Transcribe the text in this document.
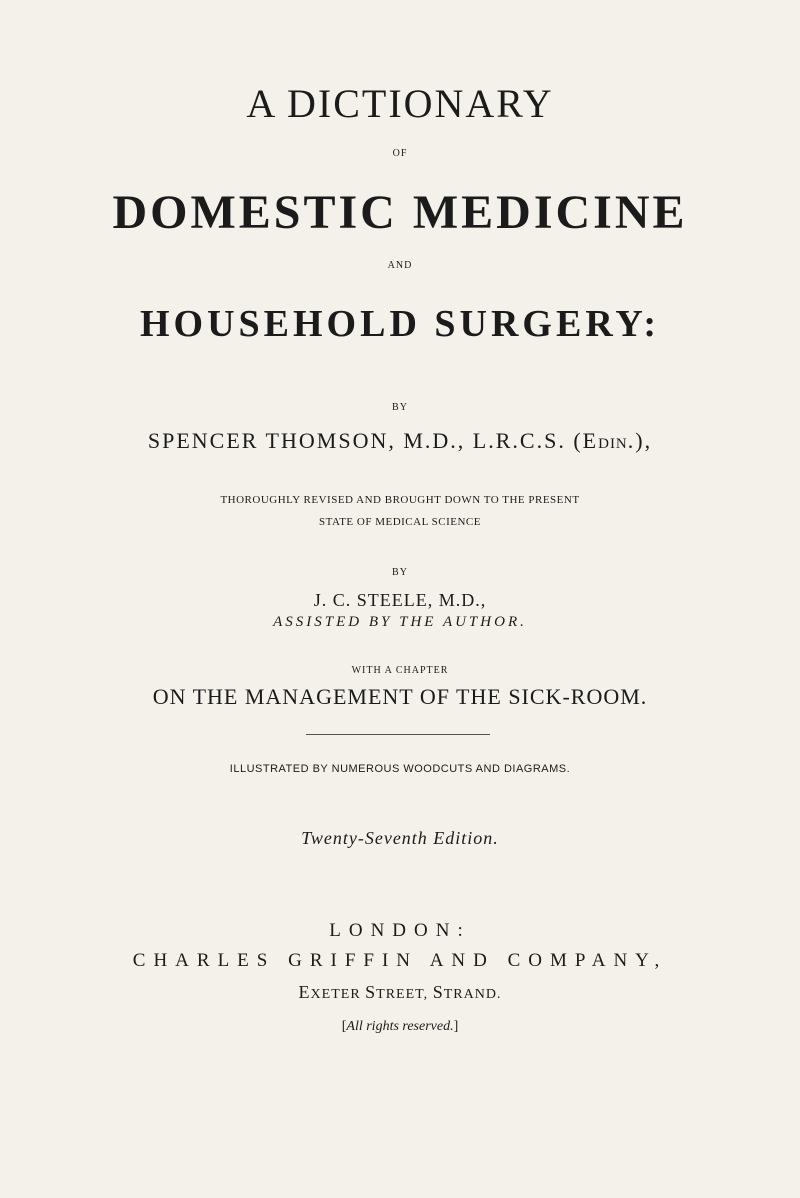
A DICTIONARY
OF
DOMESTIC MEDICINE
AND
HOUSEHOLD SURGERY:
BY
SPENCER THOMSON, M.D., L.R.C.S. (EDIN.),
THOROUGHLY REVISED AND BROUGHT DOWN TO THE PRESENT
STATE OF MEDICAL SCIENCE
BY
J. C. STEELE, M.D.,
ASSISTED BY THE AUTHOR.
WITH A CHAPTER
ON THE MANAGEMENT OF THE SICK-ROOM.
ILLUSTRATED BY NUMEROUS WOODCUTS AND DIAGRAMS.
Twenty-Seventh Edition.
LONDON:
CHARLES GRIFFIN AND COMPANY,
EXETER STREET, STRAND.
[All rights reserved.]
